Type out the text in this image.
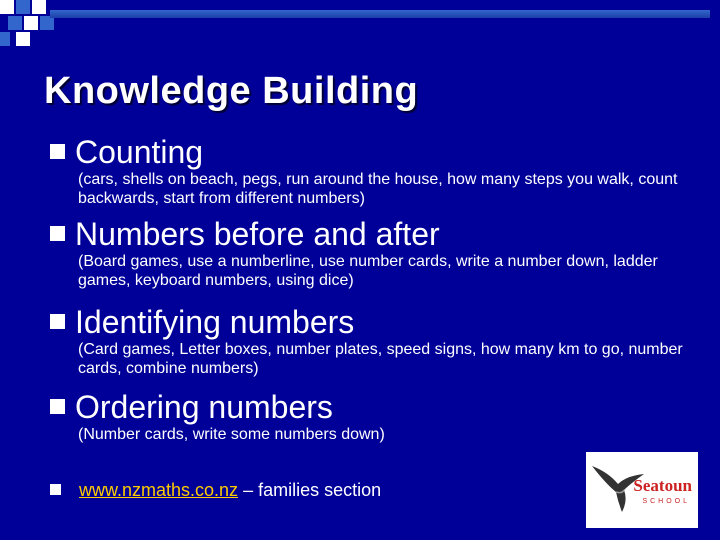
Knowledge Building
Counting
(cars, shells on beach, pegs, run around the house, how many steps you walk, count backwards, start from different numbers)
Numbers before and after
(Board games, use a numberline, use number cards, write a number down, ladder games, keyboard numbers, using dice)
Identifying numbers
(Card games, Letter boxes, number plates, speed signs, how many km to go, number cards, combine numbers)
Ordering numbers
(Number cards, write some numbers down)
www.nzmaths.co.nz – families section	Seatoun
SCHOOL
